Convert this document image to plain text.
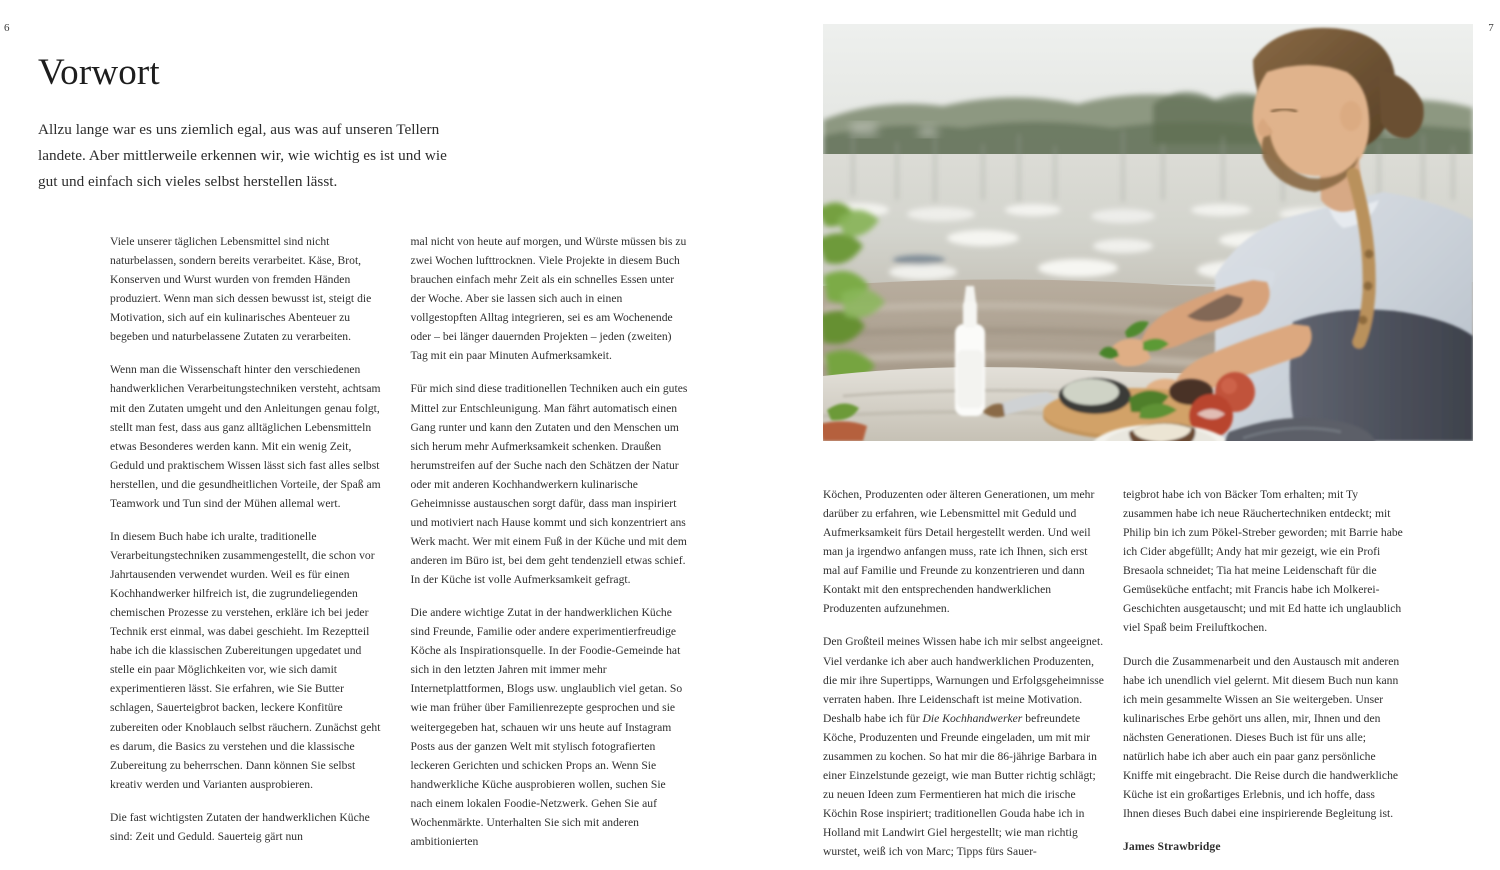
6
Vorwort
Allzu lange war es uns ziemlich egal, aus was auf unseren Tellern landete. Aber mittlerweile erkennen wir, wie wichtig es ist und wie gut und einfach sich vieles selbst herstellen lässt.

Viele unserer täglichen Lebensmittel sind nicht naturbelassen, sondern bereits verarbeitet. Käse, Brot, Konserven und Wurst wurden von fremden Händen produziert. Wenn man sich dessen bewusst ist, steigt die Motivation, sich auf ein kulinarisches Abenteuer zu begeben und naturbelassene Zutaten zu verarbeiten.

Wenn man die Wissenschaft hinter den verschiedenen handwerklichen Verarbeitungstechniken versteht, achtsam mit den Zutaten umgeht und den Anleitungen genau folgt, stellt man fest, dass aus ganz alltäglichen Lebensmitteln etwas Besonderes werden kann. Mit ein wenig Zeit, Geduld und praktischem Wissen lässt sich fast alles selbst herstellen, und die gesundheitlichen Vorteile, der Spaß am Teamwork und Tun sind der Mühen allemal wert.

In diesem Buch habe ich uralte, traditionelle Verarbeitungstechniken zusammengestellt, die schon vor Jahrtausenden verwendet wurden. Weil es für einen Kochhandwerker hilfreich ist, die zugrundeliegenden chemischen Prozesse zu verstehen, erkläre ich bei jeder Technik erst einmal, was dabei geschieht. Im Rezeptteil habe ich die klassischen Zubereitungen upgedatet und stelle ein paar Möglichkeiten vor, wie sich damit experimentieren lässt. Sie erfahren, wie Sie Butter schlagen, Sauerteigbrot backen, leckere Konfitüre zubereiten oder Knoblauch selbst räuchern. Zunächst geht es darum, die Basics zu verstehen und die klassische Zubereitung zu beherrschen. Dann können Sie selbst kreativ werden und Varianten ausprobieren.

Die fast wichtigsten Zutaten der handwerklichen Küche sind: Zeit und Geduld. Sauerteig gärt nun

mal nicht von heute auf morgen, und Würste müssen bis zu zwei Wochen lufttrocknen. Viele Projekte in diesem Buch brauchen einfach mehr Zeit als ein schnelles Essen unter der Woche. Aber sie lassen sich auch in einen vollgestopften Alltag integrieren, sei es am Wochenende oder – bei länger dauernden Projekten – jeden (zweiten) Tag mit ein paar Minuten Aufmerksamkeit.

Für mich sind diese traditionellen Techniken auch ein gutes Mittel zur Entschleunigung. Man fährt automatisch einen Gang runter und kann den Zutaten und den Menschen um sich herum mehr Aufmerksamkeit schenken. Draußen herumstreifen auf der Suche nach den Schätzen der Natur oder mit anderen Kochhandwerkern kulinarische Geheimnisse austauschen sorgt dafür, dass man inspiriert und motiviert nach Hause kommt und sich konzentriert ans Werk macht. Wer mit einem Fuß in der Küche und mit dem anderen im Büro ist, bei dem geht tendenziell etwas schief. In der Küche ist volle Aufmerksamkeit gefragt.

Die andere wichtige Zutat in der handwerklichen Küche sind Freunde, Familie oder andere experimentierfreudige Köche als Inspirationsquelle. In der Foodie-Gemeinde hat sich in den letzten Jahren mit immer mehr Internetplattformen, Blogs usw. unglaublich viel getan. So wie man früher über Familienrezepte gesprochen und sie weitergegeben hat, schauen wir uns heute auf Instagram Posts aus der ganzen Welt mit stylisch fotografierten leckeren Gerichten und schicken Props an. Wenn Sie handwerkliche Küche ausprobieren wollen, suchen Sie nach einem lokalen Foodie-Netzwerk. Gehen Sie auf Wochenmärkte. Unterhalten Sie sich mit anderen ambitionierten

7

Köchen, Produzenten oder älteren Generationen, um mehr darüber zu erfahren, wie Lebensmittel mit Geduld und Aufmerksamkeit fürs Detail hergestellt werden. Und weil man ja irgendwo anfangen muss, rate ich Ihnen, sich erst mal auf Familie und Freunde zu konzentrieren und dann Kontakt mit den entsprechenden handwerklichen Produzenten aufzunehmen.

Den Großteil meines Wissen habe ich mir selbst angeeignet. Viel verdanke ich aber auch handwerklichen Produzenten, die mir ihre Supertipps, Warnungen und Erfolgsgeheimnisse verraten haben. Ihre Leidenschaft ist meine Motivation. Deshalb habe ich für Die Kochhandwerker befreundete Köche, Produzenten und Freunde eingeladen, um mit mir zusammen zu kochen. So hat mir die 86-jährige Barbara in einer Einzelstunde gezeigt, wie man Butter richtig schlägt; zu neuen Ideen zum Fermentieren hat mich die irische Köchin Rose inspiriert; traditionellen Gouda habe ich in Holland mit Landwirt Giel hergestellt; wie man richtig wurstet, weiß ich von Marc; Tipps fürs Sauer-

teigbrot habe ich von Bäcker Tom erhalten; mit Ty zusammen habe ich neue Räuchertechniken entdeckt; mit Philip bin ich zum Pökel-Streber geworden; mit Barrie habe ich Cider abgefüllt; Andy hat mir gezeigt, wie ein Profi Bresaola schneidet; Tia hat meine Leidenschaft für die Gemüseküche entfacht; mit Francis habe ich Molkerei-Geschichten ausgetauscht; und mit Ed hatte ich unglaublich viel Spaß beim Freiluftkochen.

Durch die Zusammenarbeit und den Austausch mit anderen habe ich unendlich viel gelernt. Mit diesem Buch nun kann ich mein gesammelte Wissen an Sie weitergeben. Unser kulinarisches Erbe gehört uns allen, mir, Ihnen und den nächsten Generationen. Dieses Buch ist für uns alle; natürlich habe ich aber auch ein paar ganz persönliche Kniffe mit eingebracht. Die Reise durch die handwerkliche Küche ist ein großartiges Erlebnis, und ich hoffe, dass Ihnen dieses Buch dabei eine inspirierende Begleitung ist.

James Strawbridge
